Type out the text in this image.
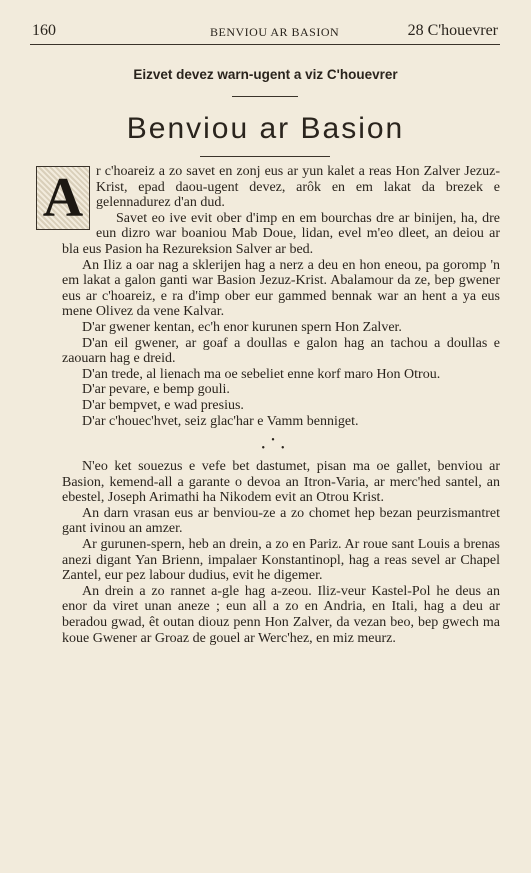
160	BENVIOU AR BASION	28 C'houevrer
Eizvet devez warn-ugent a viz C'houevrer
Benviou ar Basion

A r c'hoareiz a zo savet en zonj eus ar yun kalet a reas Hon Zalver Jezuz-Krist, epad daou-ugent devez, arôk en em lakat da brezek e gelennadurez d'an dud.

Savet eo ive evit ober d'imp en em bourchas dre ar binijen, ha, dre eun dizro war boaniou Mab Doue, lidan, evel m'eo dleet, an deiou ar bla eus Pasion ha Rezureksion Salver ar bed.

An Iliz a oar nag a sklerijen hag a nerz a deu en hon eneou, pa goromp 'n em lakat a galon ganti war Basion Jezuz-Krist. Abalamour da ze, bep gwener eus ar c'hoareiz, e ra d'imp ober eur gammed bennak war an hent a ya eus mene Olivez da vene Kalvar.

D'ar gwener kentan, ec'h enor kurunen spern Hon Zalver.

D'an eil gwener, ar goaf a doullas e galon hag an tachou a doullas e zaouarn hag e dreid.

D'an trede, al lienach ma oe sebeliet enne korf maro Hon Otrou.

D'ar pevare, e bemp gouli.

D'ar bempvet, e wad presius.

D'ar c'houec'hvet, seiz glac'har e Vamm benniget.

•
••

N'eo ket souezus e vefe bet dastumet, pisan ma oe gallet, benviou ar Basion, kemend-all a garante o devoa an Itron-Varia, ar merc'hed santel, an ebestel, Joseph Arimathi ha Nikodem evit an Otrou Krist.

An darn vrasan eus ar benviou-ze a zo chomet hep bezan peurzismantret gant ivinou an amzer.

Ar gurunen-spern, heb an drein, a zo en Pariz. Ar roue sant Louis a brenas anezi digant Yan Brienn, impalaer Konstantinopl, hag a reas sevel ar Chapel Zantel, eur pez labour dudius, evit he digemer.

An drein a zo rannet a-gle hag a-zeou. Iliz-veur Kastel-Pol he deus an enor da viret unan aneze ; eun all a zo en Andria, en Itali, hag a deu ar beradou gwad, êt outan diouz penn Hon Zalver, da vezan beo, bep gwech ma koue Gwener ar Groaz de gouel ar Werc'hez, en miz meurz.
